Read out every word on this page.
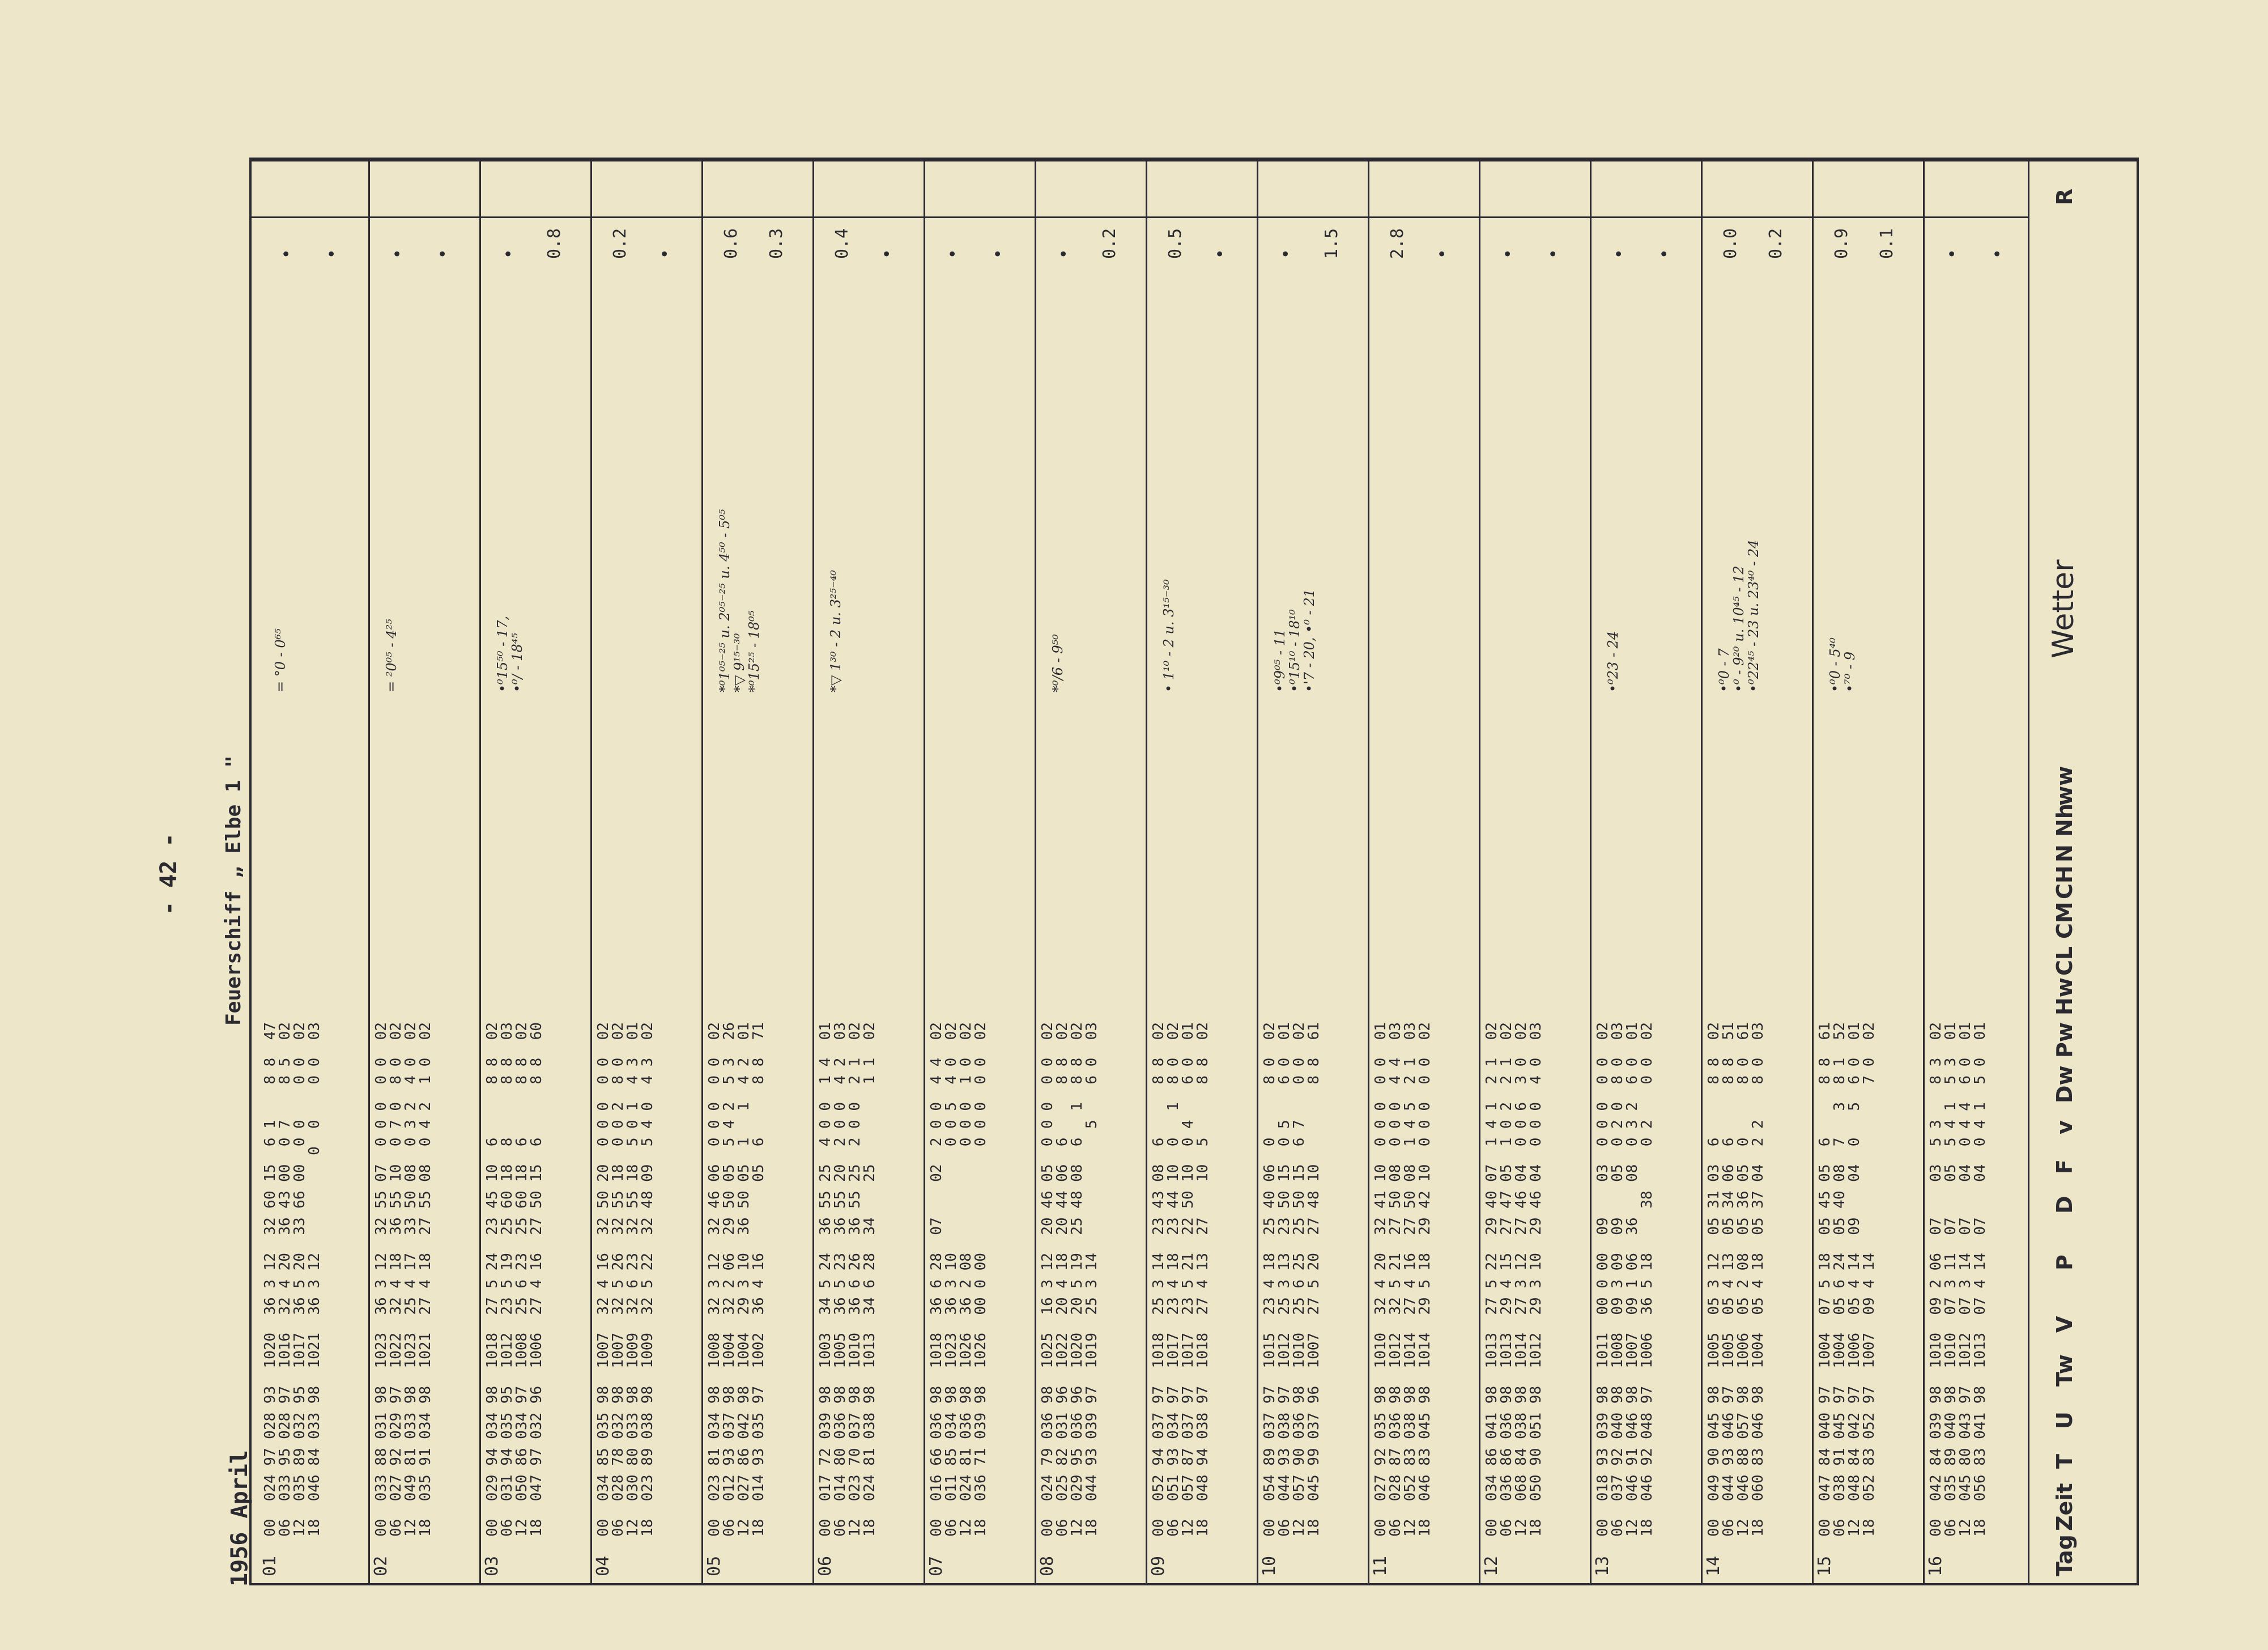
- 42 - Feuerschiff „ Elbe 1 "
1956 April	Tag
Zeit
T
U
Tw
V
P
D
F
v
Dw
Pw
Hw
CL
CM
CH
N
Nh
ww
Wetter
R
01
00  024 97 028 93  1020  36 3 12  32 60 15  6 1    8 8  47
06  033 95 028 97  1016  32 4 20  36 43 00  0 7    8 5  02
12  035 89 032 95  1017  36 5 20  33 66 00  0 0    0 0  02
18  046 84 033 98  1021  36 3 12           0  0    0 0  03
= °0 - 0⁶⁵
• •
02
00  033 88 031 98  1023  36 3 12  32 55 07  0 0 0  0 0  02
06  027 92 029 97  1022  32 4 18  36 55 10  0 7 0  8 0  02
12  049 81 033 98  1023  25 4 17  33 50 08  0 3 2  4 0  02
18  035 91 034 98  1021  27 4 18  27 55 08  0 4 2  1 0  02
= ²0⁰⁵ - 4²⁵
• •
03
00  029 94 034 98  1018  27 5 24  23 45 10  6      8 8  02
06  031 94 035 95  1012  23 5 19  25 60 18  8      8 8  03
12  050 86 034 97  1008  25 6 23  25 60 18  6      8 8  02
18  047 97 032 96  1006  27 4 16  27 50 15  6      8 8  60
•⁰15⁵⁰ - 17,
•⁰/ - 18⁴⁵
• 0.8
04
00  034 85 035 98  1007  32 4 16  32 50 20  0 0 0  0 0  02
06  028 78 032 98  1007  32 5 26  32 55 18  0 0 2  8 0  02
12  030 80 033 98  1009  32 6 23  32 55 18  5 0 1  4 3  01
18  023 89 038 98  1009  32 5 22  32 48 09  5 4 0  4 3  02
0.2 •
05
00  023 81 034 98  1008  32 3 12  32 46 06  0 0 0  0 0  02
06  012 93 037 98  1004  32 2 06  29 50 05  5 4 2  5 3  26
12  027 86 042 98  1004  29 3 10  36 50 05  1   1  4 2  01
18  014 93 035 97  1002  36 4 16        05  6      8 8  71
*⁰1⁰⁵⁻²⁵ u. 2⁰⁵⁻²⁵ u. 4⁵⁰ - 5⁰⁵
*▽ 9¹⁵⁻³⁰
*⁰15²⁵ - 18⁰⁵
0.6 0.3
06
00  017 72 039 98  1003  34 5 24  36 55 25  4 0 0  1 4  01
06  014 80 036 98  1005  36 5 23  36 55 20  2 0 0  4 2  03
12  023 70 037 98  1010  36 6 26  36 55 25  2 0 0  2 1  02
18  024 81 038 98  1013  34 6 28  34    25         1 1  02
*▽ 1³⁰ - 2 u. 3²⁵⁻⁴⁰
0.4 •
07
00  016 66 036 98  1018  36 6 28  07    02  2 0 0  4 4  02
06  011 85 034 98  1023  36 3 10            0 0 5  4 0  02
12  024 81 036 98  1026  36 2 08            0 0 0  1 0  02
18  036 71 039 98  1026  00 0 00            0 0 0  0 0  02
• •
08
00  024 79 036 98  1025  16 3 12  20 46 05  0 0 0  0 0  02
06  025 82 031 96  1022  20 4 18  20 44 06  6      8 8  02
12  029 95 036 96  1020  20 5 19  25 48 08  6   1  8 8  02
18  044 93 039 97  1019  25 3 14              5    6 0  03
*⁰/6 - 9⁵⁰
• 0.2
09
00  052 94 037 97  1018  25 3 14  23 43 08  6      8 8  02
06  051 93 034 97  1017  23 4 18  23 44 10  0   1  8 0  02
12  057 87 037 97  1017  23 5 21  22 50 10  0 4    6 0  01
18  048 94 038 97  1018  27 4 13  27    10  5      8 8  02
• 1¹⁰ - 2 u. 3¹⁵⁻³⁰
0.5 •
10
00  054 89 037 97  1015  23 4 18  25 40 06  0      8 0  02
06  044 93 038 97  1012  25 3 13  23 50 15  0 5    6 0  01
12  057 90 036 98  1010  25 6 25  25 50 15  6 7    0 0  02
18  045 99 037 96  1007  27 5 20  27 48 10         8 8  61
•⁰9⁰⁵ - 11
•⁰15¹⁰ - 18¹⁰
•'7 - 20, •⁰ - 21
• 1.5
11
00  027 92 035 98  1010  32 4 20  32 41 10  0 0 0  0 0  01
06  028 87 036 98  1012  32 5 21  27 50 08  0 0 0  4 4  03
12  052 83 038 98  1014  27 4 16  27 50 08  1 4 5  2 1  03
18  046 83 045 98  1014  29 5 18  29 42 10  0 0 0  0 0  02
2.8 •
12
00  034 86 041 98  1013  27 5 22  29 40 07  1 4 1  2 1  02
06  036 86 036 98  1013  29 4 15  27 47 05  1 0 2  2 1  02
12  068 84 038 98  1014  27 3 12  27 46 04  0 0 6  3 0  02
18  050 90 051 98  1012  29 3 10  29 46 04  0 0 0  4 0  03
• •
13
00  018 93 039 98  1011  00 0 00  09    03  0 0 0  0 0  02
06  037 92 040 98  1008  09 3 09  09    05  0 2 0  8 0  03
12  046 91 046 98  1007  09 1 06  36    08  0 3 2  6 0  01
18  046 92 048 97  1006  36 5 18     38     0 2    0 0  02
•⁰23 - 24
• •
14
00  049 90 045 98  1005  05 3 12  05 31 03  6      8 8  02
06  044 93 046 97  1005  05 4 13  05 34 06  6      8 8  51
12  046 88 057 98  1006  05 2 08  05 36 05  0      8 0  61
18  060 83 046 98  1004  05 4 18  05 37 04  2 2    8 0  03
•⁰0 - 7
•⁰ - 9²⁰ u. 10⁴⁵ - 12
•⁰22⁴⁵ - 23 u. 23⁴⁰ - 24
0.0 0.2
15
00  047 84 040 97  1004  07 5 18  05 45 05  6      8 8  61
06  038 91 045 97  1004  05 6 24  05 40 08  7   3  8 1  52
12  048 84 042 97  1006  05 4 14  09    04  0   5  6 0  01
18  052 83 052 97  1007  09 4 14                   7 0  02
•⁰0 - 5⁴⁰
•⁷⁰ - 9
0.9 0.1
16
00  042 84 039 98  1010  09 2 06  07    03  5 3    8 3  02
06  035 89 040 98  1010  07 3 11  07    05  5 4 1  5 3  01
12  045 80 043 97  1012  07 3 14  07    04  0 4 4  6 0  01
18  056 83 041 98  1013  07 4 14  07    04  0 4 1  5 0  01
• •
